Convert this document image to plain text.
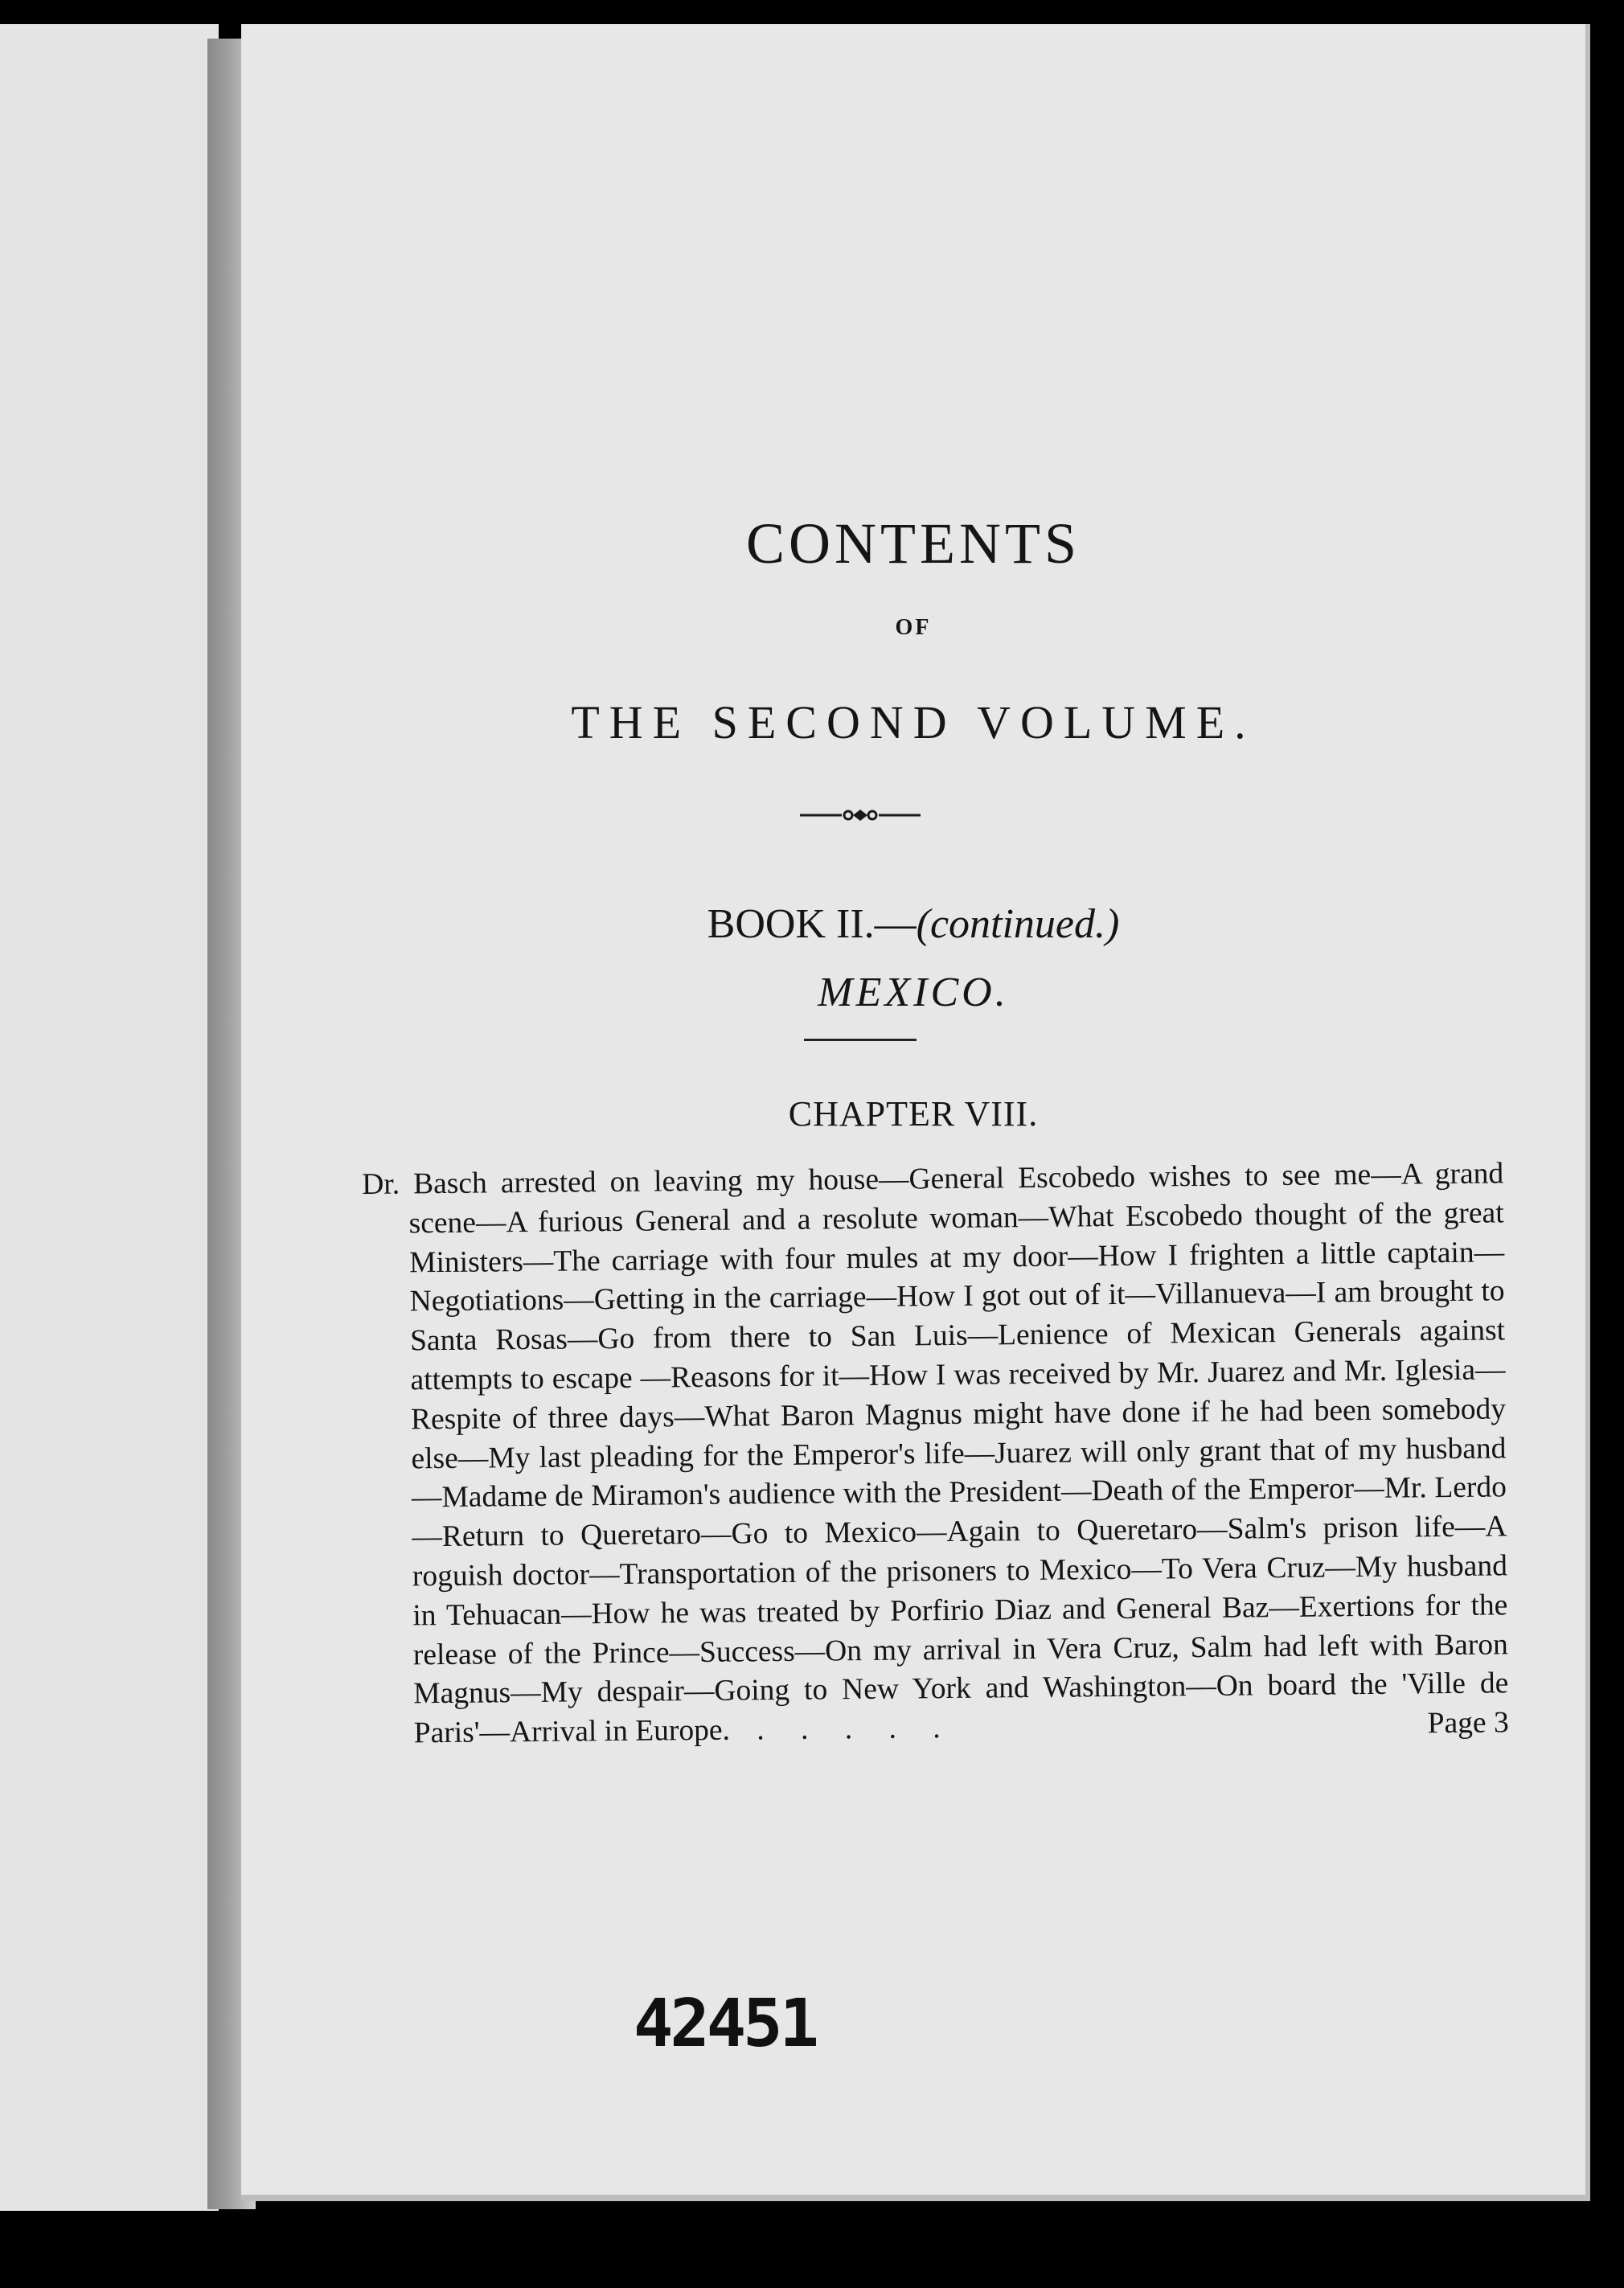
CONTENTS
OF
THE SECOND VOLUME.
BOOK II.—(continued.)
MEXICO.
CHAPTER VIII.
Dr. Basch arrested on leaving my house—General Escobedo wishes to see me—A grand scene—A furious General and a resolute woman—What Escobedo thought of the great Ministers—The carriage with four mules at my door—How I frighten a little captain—Negotiations—Getting in the carriage—How I got out of it—Villanueva—I am brought to Santa Rosas—Go from there to San Luis—Lenience of Mexican Generals against attempts to escape —Reasons for it—How I was received by Mr. Juarez and Mr. Iglesia—Respite of three days—What Baron Magnus might have done if he had been somebody else—My last pleading for the Emperor's life—Juarez will only grant that of my husband—Madame de Miramon's audience with the President—Death of the Emperor—Mr. Lerdo—Return to Queretaro—Go to Mexico—Again to Queretaro—Salm's prison life—A roguish doctor—Transportation of the prisoners to Mexico—To Vera Cruz—My husband in Tehuacan—How he was treated by Porfirio Diaz and General Baz—Exertions for the release of the Prince—Success—On my arrival in Vera Cruz, Salm had left with Baron Magnus—My despair—Going to New York and Washington—On board the 'Ville de Paris'—Arrival in Europe. . . . . .	Page 3
42451
